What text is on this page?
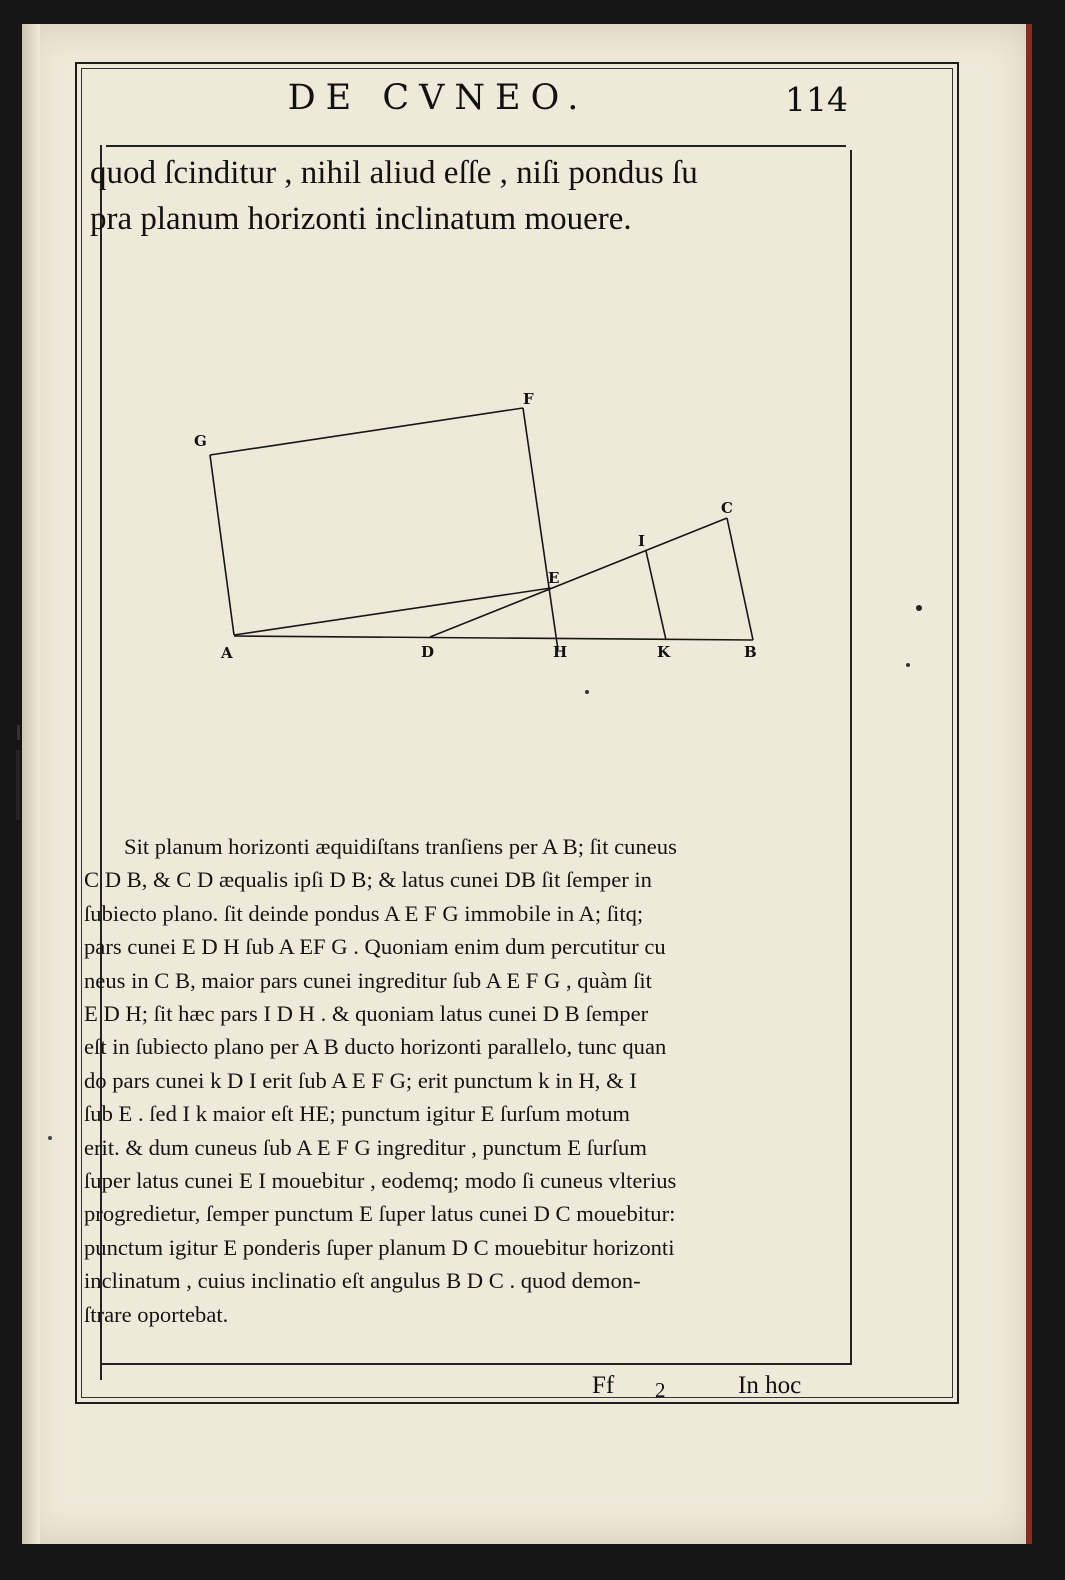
DE CVNEO.	114
quod ſcinditur , nihil aliud eſſe , niſi pondus ſu
pra planum horizonti inclinatum mouere.
G
F
C
I
E
A	D	H	K	B
Sit planum horizonti æquidiſtans tranſiens per A B; ſit cuneus
C D B, & C D æqualis ipſi D B; & latus cunei DB ſit ſemper in
ſubiecto plano. ſit deinde pondus A E F G immobile in A; ſitq;
pars cunei E D H ſub A EF G . Quoniam enim dum percutitur cu
neus in C B, maior pars cunei ingreditur ſub A E F G , quàm ſit
E D H; ſit hæc pars I D H . & quoniam latus cunei D B ſemper
eſt in ſubiecto plano per A B ducto horizonti parallelo, tunc quan
do pars cunei k D I erit ſub A E F G; erit punctum k in H, & I
ſub E . ſed I k maior eſt HE; punctum igitur E ſurſum motum
erit. & dum cuneus ſub A E F G ingreditur , punctum E ſurſum
ſuper latus cunei E I mouebitur , eodemq; modo ſi cuneus vlterius
progredietur, ſemper punctum E ſuper latus cunei D C mouebitur:
punctum igitur E ponderis ſuper planum D C mouebitur horizonti
inclinatum , cuius inclinatio eſt angulus B D C . quod demon-
ſtrare oportebat.
Ff 2	In hoc
